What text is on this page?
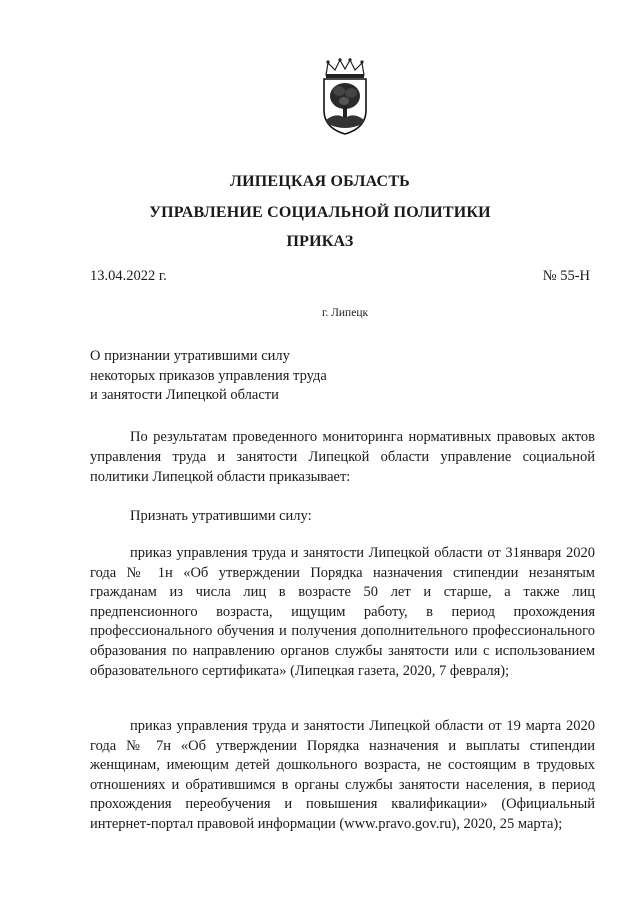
ЛИПЕЦКАЯ ОБЛАСТЬ
УПРАВЛЕНИЕ СОЦИАЛЬНОЙ ПОЛИТИКИ
ПРИКАЗ
13.04.2022 г.	№ 55-Н
г. Липецк
О признании утратившими силу
некоторых приказов управления труда
и занятости Липецкой области

По результатам проведенного мониторинга нормативных правовых актов управления труда и занятости Липецкой области управление социальной политики Липецкой области приказывает:

Признать утратившими силу:

приказ управления труда и занятости Липецкой области от 31января 2020 года № 1н «Об утверждении Порядка назначения стипендии незанятым гражданам из числа лиц в возрасте 50 лет и старше, а также лиц предпенсионного возраста, ищущим работу, в период прохождения профессионального обучения и получения дополнительного профессионального образования по направлению органов службы занятости или с использованием образовательного сертификата» (Липецкая газета, 2020, 7 февраля);

приказ управления труда и занятости Липецкой области от 19 марта 2020 года № 7н «Об утверждении Порядка назначения и выплаты стипендии женщинам, имеющим детей дошкольного возраста, не состоящим в трудовых отношениях и обратившимся в органы службы занятости населения, в период прохождения переобучения и повышения квалификации» (Официальный интернет-портал правовой информации (www.pravo.gov.ru), 2020, 25 марта);
